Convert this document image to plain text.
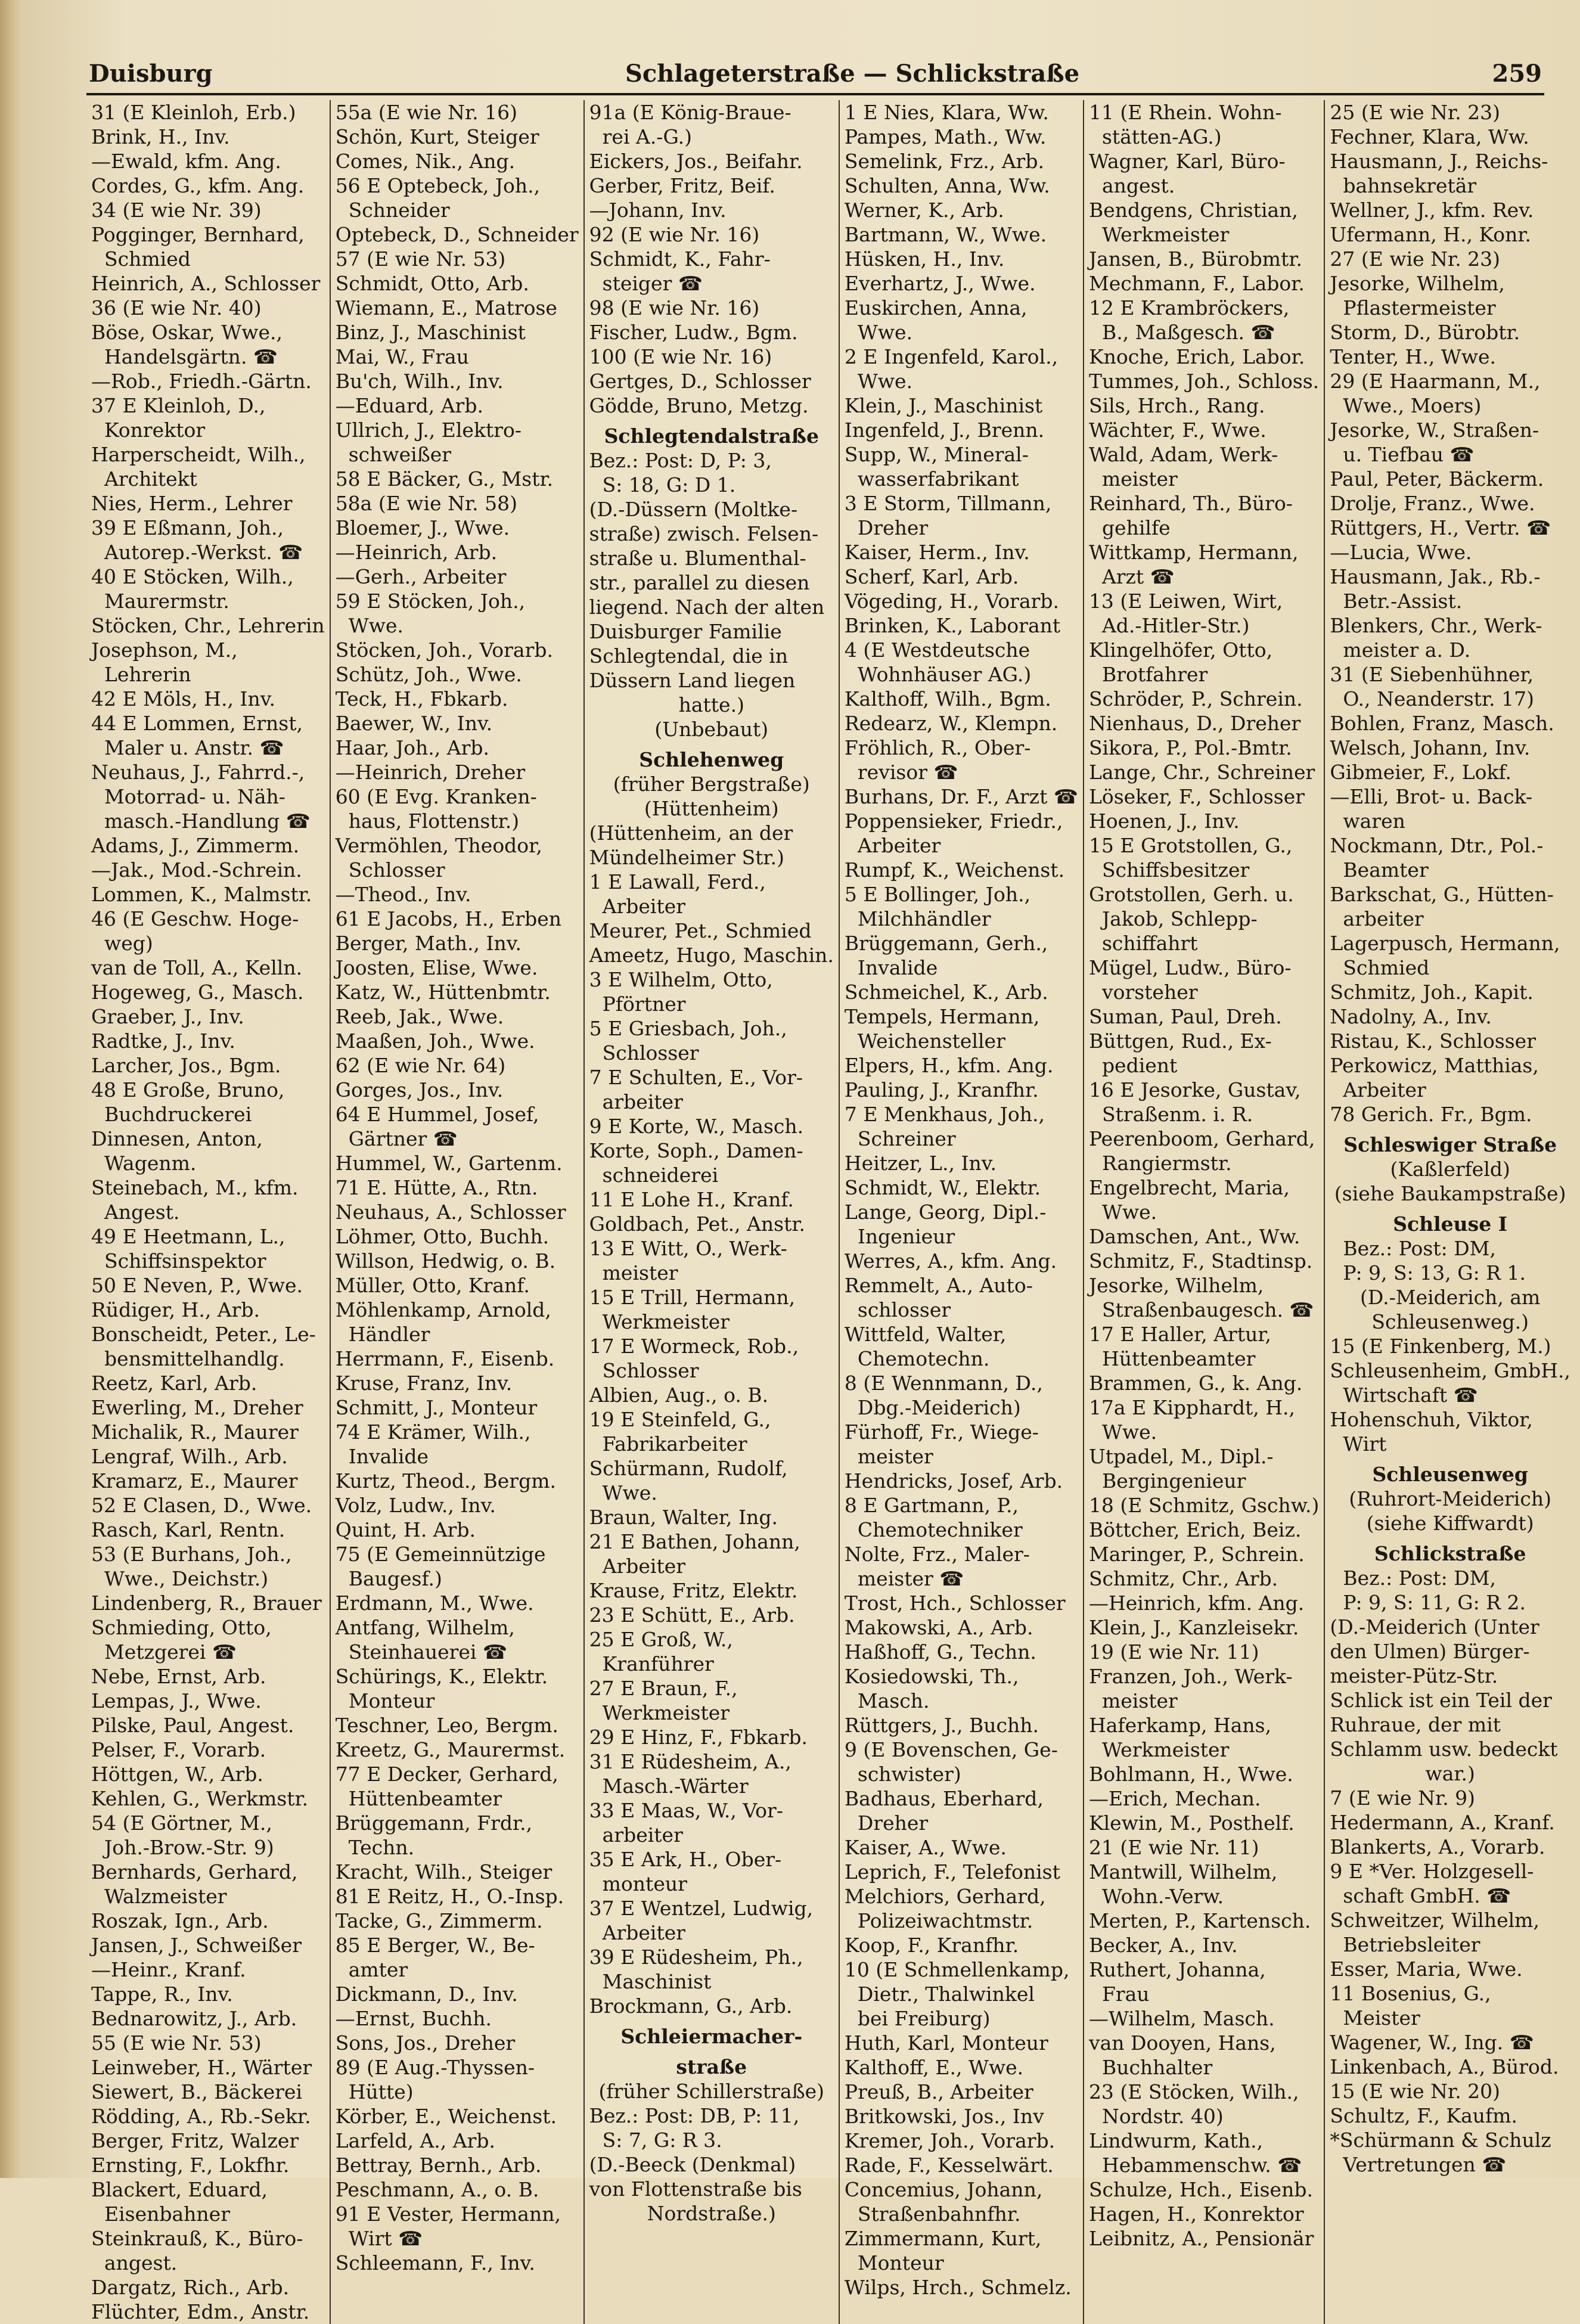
Duisburg	Schlageterstraße — Schlickstraße	259
31 (E Kleinloh, Erb.)
Brink, H., Inv.
—Ewald, kfm. Ang.
Cordes, G., kfm. Ang.
34 (E wie Nr. 39)
Pogginger, Bernhard,
Schmied
Heinrich, A., Schlosser
36 (E wie Nr. 40)
Böse, Oskar, Wwe.,
Handelsgärtn. ☎
—Rob., Friedh.-Gärtn.
37 E Kleinloh, D.,
Konrektor
Harperscheidt, Wilh.,
Architekt
Nies, Herm., Lehrer
39 E Eßmann, Joh.,
Autorep.-Werkst. ☎
40 E Stöcken, Wilh.,
Maurermstr.
Stöcken, Chr., Lehrerin
Josephson, M.,
Lehrerin
42 E Möls, H., Inv.
44 E Lommen, Ernst,
Maler u. Anstr. ☎
Neuhaus, J., Fahrrd.-,
Motorrad- u. Näh-
masch.-Handlung ☎
Adams, J., Zimmerm.
—Jak., Mod.-Schrein.
Lommen, K., Malmstr.
46 (E Geschw. Hoge-
weg)
van de Toll, A., Kelln.
Hogeweg, G., Masch.
Graeber, J., Inv.
Radtke, J., Inv.
Larcher, Jos., Bgm.
48 E Große, Bruno,
Buchdruckerei
Dinnesen, Anton,
Wagenm.
Steinebach, M., kfm.
Angest.
49 E Heetmann, L.,
Schiffsinspektor
50 E Neven, P., Wwe.
Rüdiger, H., Arb.
Bonscheidt, Peter., Le-
bensmittelhandlg.
Reetz, Karl, Arb.
Ewerling, M., Dreher
Michalik, R., Maurer
Lengraf, Wilh., Arb.
Kramarz, E., Maurer
52 E Clasen, D., Wwe.
Rasch, Karl, Rentn.
53 (E Burhans, Joh.,
Wwe., Deichstr.)
Lindenberg, R., Brauer
Schmieding, Otto,
Metzgerei ☎
Nebe, Ernst, Arb.
Lempas, J., Wwe.
Pilske, Paul, Angest.
Pelser, F., Vorarb.
Höttgen, W., Arb.
Kehlen, G., Werkmstr.
54 (E Görtner, M.,
Joh.-Brow.-Str. 9)
Bernhards, Gerhard,
Walzmeister
Roszak, Ign., Arb.
Jansen, J., Schweißer
—Heinr., Kranf.
Tappe, R., Inv.
Bednarowitz, J., Arb.
55 (E wie Nr. 53)
Leinweber, H., Wärter
Siewert, B., Bäckerei
Rödding, A., Rb.-Sekr.
Berger, Fritz, Walzer
Ernsting, F., Lokfhr.
Blackert, Eduard,
Eisenbahner
Steinkrauß, K., Büro-
angest.
Dargatz, Rich., Arb.
Flüchter, Edm., Anstr.
55a (E wie Nr. 16)
Schön, Kurt, Steiger
Comes, Nik., Ang.
56 E Optebeck, Joh.,
Schneider
Optebeck, D., Schneider
57 (E wie Nr. 53)
Schmidt, Otto, Arb.
Wiemann, E., Matrose
Binz, J., Maschinist
Mai, W., Frau
Bu'ch, Wilh., Inv.
—Eduard, Arb.
Ullrich, J., Elektro-
schweißer
58 E Bäcker, G., Mstr.
58a (E wie Nr. 58)
Bloemer, J., Wwe.
—Heinrich, Arb.
—Gerh., Arbeiter
59 E Stöcken, Joh.,
Wwe.
Stöcken, Joh., Vorarb.
Schütz, Joh., Wwe.
Teck, H., Fbkarb.
Baewer, W., Inv.
Haar, Joh., Arb.
—Heinrich, Dreher
60 (E Evg. Kranken-
haus, Flottenstr.)
Vermöhlen, Theodor,
Schlosser
—Theod., Inv.
61 E Jacobs, H., Erben
Berger, Math., Inv.
Joosten, Elise, Wwe.
Katz, W., Hüttenbmtr.
Reeb, Jak., Wwe.
Maaßen, Joh., Wwe.
62 (E wie Nr. 64)
Gorges, Jos., Inv.
64 E Hummel, Josef,
Gärtner ☎
Hummel, W., Gartenm.
71 E. Hütte, A., Rtn.
Neuhaus, A., Schlosser
Löhmer, Otto, Buchh.
Willson, Hedwig, o. B.
Müller, Otto, Kranf.
Möhlenkamp, Arnold,
Händler
Herrmann, F., Eisenb.
Kruse, Franz, Inv.
Schmitt, J., Monteur
74 E Krämer, Wilh.,
Invalide
Kurtz, Theod., Bergm.
Volz, Ludw., Inv.
Quint, H. Arb.
75 (E Gemeinnützige
Baugesf.)
Erdmann, M., Wwe.
Antfang, Wilhelm,
Steinhauerei ☎
Schürings, K., Elektr.
Monteur
Teschner, Leo, Bergm.
Kreetz, G., Maurermst.
77 E Decker, Gerhard,
Hüttenbeamter
Brüggemann, Frdr.,
Techn.
Kracht, Wilh., Steiger
81 E Reitz, H., O.-Insp.
Tacke, G., Zimmerm.
85 E Berger, W., Be-
amter
Dickmann, D., Inv.
—Ernst, Buchh.
Sons, Jos., Dreher
89 (E Aug.-Thyssen-
Hütte)
Körber, E., Weichenst.
Larfeld, A., Arb.
Bettray, Bernh., Arb.
Peschmann, A., o. B.
91 E Vester, Hermann,
Wirt ☎
Schleemann, F., Inv.
91a (E König-Braue-
rei A.-G.)
Eickers, Jos., Beifahr.
Gerber, Fritz, Beif.
—Johann, Inv.
92 (E wie Nr. 16)
Schmidt, K., Fahr-
steiger ☎
98 (E wie Nr. 16)
Fischer, Ludw., Bgm.
100 (E wie Nr. 16)
Gertges, D., Schlosser
Gödde, Bruno, Metzg.
Schlegtendalstraße
Bez.: Post: D, P: 3,
S: 18, G: D 1.
(D.-Düssern (Moltke-
straße) zwisch. Felsen-
straße u. Blumenthal-
str., parallel zu diesen
liegend. Nach der alten
Duisburger Familie
Schlegtendal, die in
Düssern Land liegen
hatte.)
(Unbebaut)
Schlehenweg
(früher Bergstraße)
(Hüttenheim)
(Hüttenheim, an der
Mündelheimer Str.)
1 E Lawall, Ferd.,
Arbeiter
Meurer, Pet., Schmied
Ameetz, Hugo, Maschin.
3 E Wilhelm, Otto,
Pförtner
5 E Griesbach, Joh.,
Schlosser
7 E Schulten, E., Vor-
arbeiter
9 E Korte, W., Masch.
Korte, Soph., Damen-
schneiderei
11 E Lohe H., Kranf.
Goldbach, Pet., Anstr.
13 E Witt, O., Werk-
meister
15 E Trill, Hermann,
Werkmeister
17 E Wormeck, Rob.,
Schlosser
Albien, Aug., o. B.
19 E Steinfeld, G.,
Fabrikarbeiter
Schürmann, Rudolf,
Wwe.
Braun, Walter, Ing.
21 E Bathen, Johann,
Arbeiter
Krause, Fritz, Elektr.
23 E Schütt, E., Arb.
25 E Groß, W.,
Kranführer
27 E Braun, F.,
Werkmeister
29 E Hinz, F., Fbkarb.
31 E Rüdesheim, A.,
Masch.-Wärter
33 E Maas, W., Vor-
arbeiter
35 E Ark, H., Ober-
monteur
37 E Wentzel, Ludwig,
Arbeiter
39 E Rüdesheim, Ph.,
Maschinist
Brockmann, G., Arb.
Schleiermacher-
straße
(früher Schillerstraße)
Bez.: Post: DB, P: 11,
S: 7, G: R 3.
(D.-Beeck (Denkmal)
von Flottenstraße bis
Nordstraße.)
1 E Nies, Klara, Ww.
Pampes, Math., Ww.
Semelink, Frz., Arb.
Schulten, Anna, Ww.
Werner, K., Arb.
Bartmann, W., Wwe.
Hüsken, H., Inv.
Everhartz, J., Wwe.
Euskirchen, Anna,
Wwe.
2 E Ingenfeld, Karol.,
Wwe.
Klein, J., Maschinist
Ingenfeld, J., Brenn.
Supp, W., Mineral-
wasserfabrikant
3 E Storm, Tillmann,
Dreher
Kaiser, Herm., Inv.
Scherf, Karl, Arb.
Vögeding, H., Vorarb.
Brinken, K., Laborant
4 (E Westdeutsche
Wohnhäuser AG.)
Kalthoff, Wilh., Bgm.
Redearz, W., Klempn.
Fröhlich, R., Ober-
revisor ☎
Burhans, Dr. F., Arzt ☎
Poppensieker, Friedr.,
Arbeiter
Rumpf, K., Weichenst.
5 E Bollinger, Joh.,
Milchhändler
Brüggemann, Gerh.,
Invalide
Schmeichel, K., Arb.
Tempels, Hermann,
Weichensteller
Elpers, H., kfm. Ang.
Pauling, J., Kranfhr.
7 E Menkhaus, Joh.,
Schreiner
Heitzer, L., Inv.
Schmidt, W., Elektr.
Lange, Georg, Dipl.-
Ingenieur
Werres, A., kfm. Ang.
Remmelt, A., Auto-
schlosser
Wittfeld, Walter,
Chemotechn.
8 (E Wennmann, D.,
Dbg.-Meiderich)
Fürhoff, Fr., Wiege-
meister
Hendricks, Josef, Arb.
8 E Gartmann, P.,
Chemotechniker
Nolte, Frz., Maler-
meister ☎
Trost, Hch., Schlosser
Makowski, A., Arb.
Haßhoff, G., Techn.
Kosiedowski, Th.,
Masch.
Rüttgers, J., Buchh.
9 (E Bovenschen, Ge-
schwister)
Badhaus, Eberhard,
Dreher
Kaiser, A., Wwe.
Leprich, F., Telefonist
Melchiors, Gerhard,
Polizeiwachtmstr.
Koop, F., Kranfhr.
10 (E Schmellenkamp,
Dietr., Thalwinkel
bei Freiburg)
Huth, Karl, Monteur
Kalthoff, E., Wwe.
Preuß, B., Arbeiter
Britkowski, Jos., Inv
Kremer, Joh., Vorarb.
Rade, F., Kesselwärt.
Concemius, Johann,
Straßenbahnfhr.
Zimmermann, Kurt,
Monteur
Wilps, Hrch., Schmelz.
11 (E Rhein. Wohn-
stätten-AG.)
Wagner, Karl, Büro-
angest.
Bendgens, Christian,
Werkmeister
Jansen, B., Bürobmtr.
Mechmann, F., Labor.
12 E Krambröckers,
B., Maßgesch. ☎
Knoche, Erich, Labor.
Tummes, Joh., Schloss.
Sils, Hrch., Rang.
Wächter, F., Wwe.
Wald, Adam, Werk-
meister
Reinhard, Th., Büro-
gehilfe
Wittkamp, Hermann,
Arzt ☎
13 (E Leiwen, Wirt,
Ad.-Hitler-Str.)
Klingelhöfer, Otto,
Brotfahrer
Schröder, P., Schrein.
Nienhaus, D., Dreher
Sikora, P., Pol.-Bmtr.
Lange, Chr., Schreiner
Löseker, F., Schlosser
Hoenen, J., Inv.
15 E Grotstollen, G.,
Schiffsbesitzer
Grotstollen, Gerh. u.
Jakob, Schlepp-
schiffahrt
Mügel, Ludw., Büro-
vorsteher
Suman, Paul, Dreh.
Büttgen, Rud., Ex-
pedient
16 E Jesorke, Gustav,
Straßenm. i. R.
Peerenboom, Gerhard,
Rangiermstr.
Engelbrecht, Maria,
Wwe.
Damschen, Ant., Ww.
Schmitz, F., Stadtinsp.
Jesorke, Wilhelm,
Straßenbaugesch. ☎
17 E Haller, Artur,
Hüttenbeamter
Brammen, G., k. Ang.
17a E Kipphardt, H.,
Wwe.
Utpadel, M., Dipl.-
Bergingenieur
18 (E Schmitz, Gschw.)
Böttcher, Erich, Beiz.
Maringer, P., Schrein.
Schmitz, Chr., Arb.
—Heinrich, kfm. Ang.
Klein, J., Kanzleisekr.
19 (E wie Nr. 11)
Franzen, Joh., Werk-
meister
Haferkamp, Hans,
Werkmeister
Bohlmann, H., Wwe.
—Erich, Mechan.
Klewin, M., Posthelf.
21 (E wie Nr. 11)
Mantwill, Wilhelm,
Wohn.-Verw.
Merten, P., Kartensch.
Becker, A., Inv.
Ruthert, Johanna,
Frau
—Wilhelm, Masch.
van Dooyen, Hans,
Buchhalter
23 (E Stöcken, Wilh.,
Nordstr. 40)
Lindwurm, Kath.,
Hebammenschw. ☎
Schulze, Hch., Eisenb.
Hagen, H., Konrektor
Leibnitz, A., Pensionär
25 (E wie Nr. 23)
Fechner, Klara, Ww.
Hausmann, J., Reichs-
bahnsekretär
Wellner, J., kfm. Rev.
Ufermann, H., Konr.
27 (E wie Nr. 23)
Jesorke, Wilhelm,
Pflastermeister
Storm, D., Bürobtr.
Tenter, H., Wwe.
29 (E Haarmann, M.,
Wwe., Moers)
Jesorke, W., Straßen-
u. Tiefbau ☎
Paul, Peter, Bäckerm.
Drolje, Franz., Wwe.
Rüttgers, H., Vertr. ☎
—Lucia, Wwe.
Hausmann, Jak., Rb.-
Betr.-Assist.
Blenkers, Chr., Werk-
meister a. D.
31 (E Siebenhühner,
O., Neanderstr. 17)
Bohlen, Franz, Masch.
Welsch, Johann, Inv.
Gibmeier, F., Lokf.
—Elli, Brot- u. Back-
waren
Nockmann, Dtr., Pol.-
Beamter
Barkschat, G., Hütten-
arbeiter
Lagerpusch, Hermann,
Schmied
Schmitz, Joh., Kapit.
Nadolny, A., Inv.
Ristau, K., Schlosser
Perkowicz, Matthias,
Arbeiter
78 Gerich. Fr., Bgm.
Schleswiger Straße
(Kaßlerfeld)
(siehe Baukampstraße)
Schleuse I
Bez.: Post: DM,
P: 9, S: 13, G: R 1.
(D.-Meiderich, am
Schleusenweg.)
15 (E Finkenberg, M.)
Schleusenheim, GmbH.,
Wirtschaft ☎
Hohenschuh, Viktor,
Wirt
Schleusenweg
(Ruhrort-Meiderich)
(siehe Kiffwardt)
Schlickstraße
Bez.: Post: DM,
P: 9, S: 11, G: R 2.
(D.-Meiderich (Unter
den Ulmen) Bürger-
meister-Pütz-Str.
Schlick ist ein Teil der
Ruhraue, der mit
Schlamm usw. bedeckt
war.)
7 (E wie Nr. 9)
Hedermann, A., Kranf.
Blankerts, A., Vorarb.
9 E *Ver. Holzgesell-
schaft GmbH. ☎
Schweitzer, Wilhelm,
Betriebsleiter
Esser, Maria, Wwe.
11 Bosenius, G.,
Meister
Wagener, W., Ing. ☎
Linkenbach, A., Bürod.
15 (E wie Nr. 20)
Schultz, F., Kaufm.
*Schürmann & Schulz
Vertretungen ☎
